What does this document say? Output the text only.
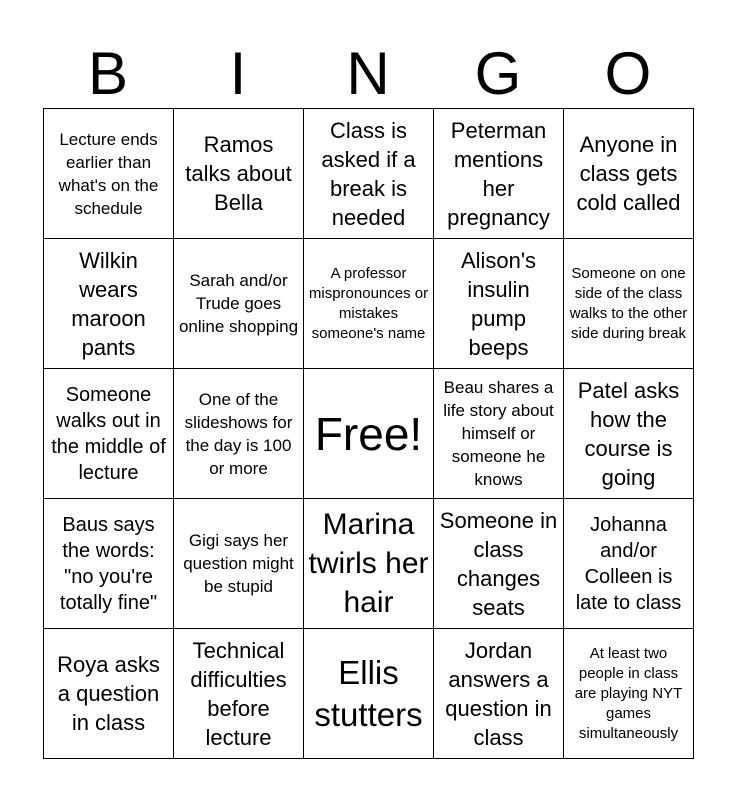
B	I	N	G	O
Lecture ends earlier than what's on the schedule	Ramos talks about Bella	Class is asked if a break is needed	Peterman mentions her pregnancy	Anyone in class gets cold called
Wilkin wears maroon pants	Sarah and/or Trude goes online shopping	A professor mispronounces or mistakes someone's name	Alison's insulin pump beeps	Someone on one side of the class walks to the other side during break
Someone walks out in the middle of lecture	One of the slideshows for the day is 100 or more	Free!	Beau shares a life story about himself or someone he knows	Patel asks how the course is going
Baus says the words: "no you're totally fine"	Gigi says her question might be stupid	Marina twirls her hair	Someone in class changes seats	Johanna and/or Colleen is late to class
Roya asks a question in class	Technical difficulties before lecture	Ellis stutters	Jordan answers a question in class	At least two people in class are playing NYT games simultaneously
